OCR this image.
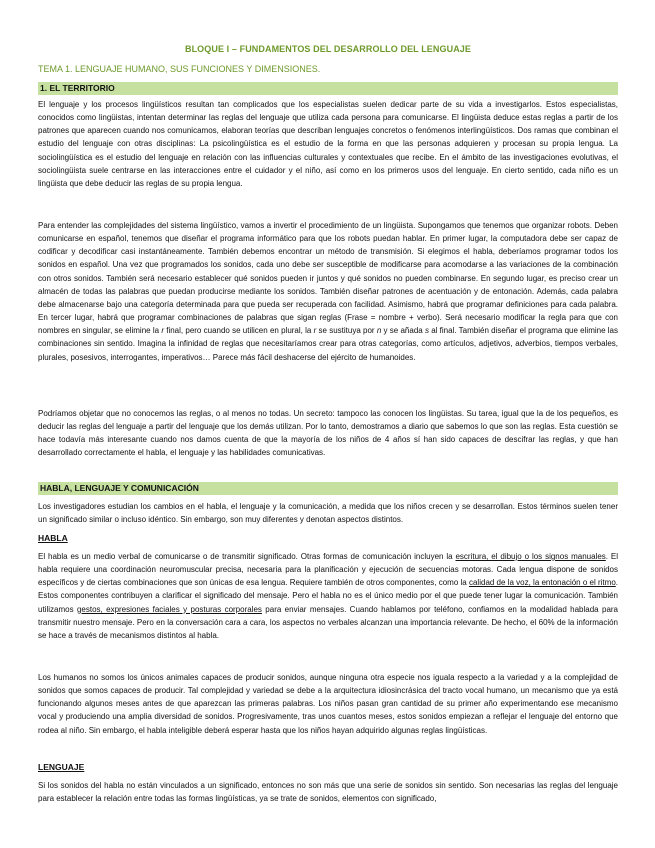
BLOQUE I – FUNDAMENTOS DEL DESARROLLO DEL LENGUAJE
TEMA 1. LENGUAJE HUMANO, SUS FUNCIONES Y DIMENSIONES.
1. EL TERRITORIO

El lenguaje y los procesos lingüísticos resultan tan complicados que los especialistas suelen dedicar parte de su vida a investigarlos. Estos especialistas, conocidos como lingüistas, intentan determinar las reglas del lenguaje que utiliza cada persona para comunicarse. El lingüista deduce estas reglas a partir de los patrones que aparecen cuando nos comunicamos, elaboran teorías que describan lenguajes concretos o fenómenos interlingüísticos. Dos ramas que combinan el estudio del lenguaje con otras disciplinas: La psicolingüística es el estudio de la forma en que las personas adquieren y procesan su propia lengua. La sociolingüística es el estudio del lenguaje en relación con las influencias culturales y contextuales que recibe. En el ámbito de las investigaciones evolutivas, el sociolingüista suele centrarse en las interacciones entre el cuidador y el niño, así como en los primeros usos del lenguaje. En cierto sentido, cada niño es un lingüista que debe deducir las reglas de su propia lengua.

Para entender las complejidades del sistema lingüístico, vamos a invertir el procedimiento de un lingüista. Supongamos que tenemos que organizar robots. Deben comunicarse en español, tenemos que diseñar el programa informático para que los robots puedan hablar. En primer lugar, la computadora debe ser capaz de codificar y decodificar casi instantáneamente. También debemos encontrar un método de transmisión. Si elegimos el habla, deberíamos programar todos los sonidos en español. Una vez que programados los sonidos, cada uno debe ser susceptible de modificarse para acomodarse a las variaciones de la combinación con otros sonidos. También será necesario establecer qué sonidos pueden ir juntos y qué sonidos no pueden combinarse. En segundo lugar, es preciso crear un almacén de todas las palabras que puedan producirse mediante los sonidos. También diseñar patrones de acentuación y de entonación. Además, cada palabra debe almacenarse bajo una categoría determinada para que pueda ser recuperada con facilidad. Asimismo, habrá que programar definiciones para cada palabra. En tercer lugar, habrá que programar combinaciones de palabras que sigan reglas (Frase = nombre + verbo). Será necesario modificar la regla para que con nombres en singular, se elimine la r final, pero cuando se utilicen en plural, la r se sustituya por n y se añada s al final. También diseñar el programa que elimine las combinaciones sin sentido. Imagina la infinidad de reglas que necesitaríamos crear para otras categorías, como artículos, adjetivos, adverbios, tiempos verbales, plurales, posesivos, interrogantes, imperativos… Parece más fácil deshacerse del ejército de humanoides.

Podríamos objetar que no conocemos las reglas, o al menos no todas. Un secreto: tampoco las conocen los lingüistas. Su tarea, igual que la de los pequeños, es deducir las reglas del lenguaje a partir del lenguaje que los demás utilizan. Por lo tanto, demostramos a diario que sabemos lo que son las reglas. Esta cuestión se hace todavía más interesante cuando nos damos cuenta de que la mayoría de los niños de 4 años sí han sido capaces de descifrar las reglas, y que han desarrollado correctamente el habla, el lenguaje y las habilidades comunicativas.

HABLA, LENGUAJE Y COMUNICACIÓN

Los investigadores estudian los cambios en el habla, el lenguaje y la comunicación, a medida que los niños crecen y se desarrollan. Estos términos suelen tener un significado similar o incluso idéntico. Sin embargo, son muy diferentes y denotan aspectos distintos.

HABLA

El habla es un medio verbal de comunicarse o de transmitir significado. Otras formas de comunicación incluyen la escritura, el dibujo o los signos manuales. El habla requiere una coordinación neuromuscular precisa, necesaria para la planificación y ejecución de secuencias motoras. Cada lengua dispone de sonidos específicos y de ciertas combinaciones que son únicas de esa lengua. Requiere también de otros componentes, como la calidad de la voz, la entonación o el ritmo. Estos componentes contribuyen a clarificar el significado del mensaje. Pero el habla no es el único medio por el que puede tener lugar la comunicación. También utilizamos gestos, expresiones faciales y posturas corporales para enviar mensajes. Cuando hablamos por teléfono, confiamos en la modalidad hablada para transmitir nuestro mensaje. Pero en la conversación cara a cara, los aspectos no verbales alcanzan una importancia relevante. De hecho, el 60% de la información se hace a través de mecanismos distintos al habla.

Los humanos no somos los únicos animales capaces de producir sonidos, aunque ninguna otra especie nos iguala respecto a la variedad y a la complejidad de sonidos que somos capaces de producir. Tal complejidad y variedad se debe a la arquitectura idiosincrásica del tracto vocal humano, un mecanismo que ya está funcionando algunos meses antes de que aparezcan las primeras palabras. Los niños pasan gran cantidad de su primer año experimentando ese mecanismo vocal y produciendo una amplia diversidad de sonidos. Progresivamente, tras unos cuantos meses, estos sonidos empiezan a reflejar el lenguaje del entorno que rodea al niño. Sin embargo, el habla inteligible deberá esperar hasta que los niños hayan adquirido algunas reglas lingüísticas.

LENGUAJE

Si los sonidos del habla no están vinculados a un significado, entonces no son más que una serie de sonidos sin sentido. Son necesarias las reglas del lenguaje para establecer la relación entre todas las formas lingüísticas, ya se trate de sonidos, elementos con significado,
